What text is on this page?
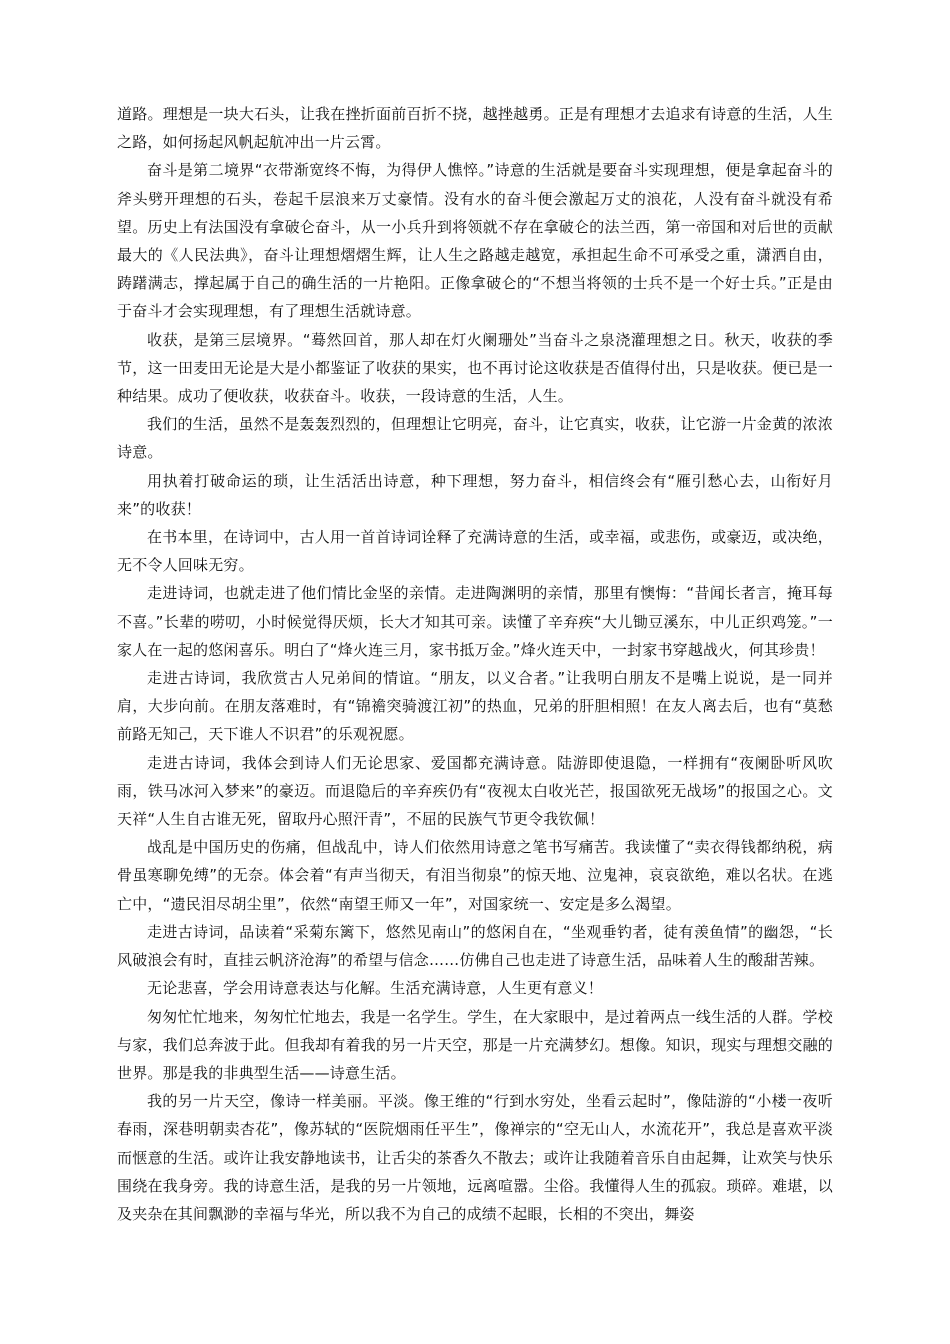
道路。理想是一块大石头，让我在挫折面前百折不挠，越挫越勇。正是有理想才去追求有诗意的生活，人生之路，如何扬起风帆起航冲出一片云霄。

奋斗是第二境界“衣带渐宽终不悔，为得伊人憔悴。”诗意的生活就是要奋斗实现理想，便是拿起奋斗的斧头劈开理想的石头，卷起千层浪来万丈豪情。没有水的奋斗便会激起万丈的浪花，人没有奋斗就没有希望。历史上有法国没有拿破仑奋斗，从一小兵升到将领就不存在拿破仑的法兰西，第一帝国和对后世的贡献最大的《人民法典》，奋斗让理想熠熠生辉，让人生之路越走越宽，承担起生命不可承受之重，潇洒自由，踌躇满志，撑起属于自己的确生活的一片艳阳。正像拿破仑的“不想当将领的士兵不是一个好士兵。”正是由于奋斗才会实现理想，有了理想生活就诗意。

收获，是第三层境界。“蓦然回首，那人却在灯火阑珊处”当奋斗之泉浇灌理想之日。秋天，收获的季节，这一田麦田无论是大是小都鉴证了收获的果实，也不再讨论这收获是否值得付出，只是收获。便已是一种结果。成功了便收获，收获奋斗。收获，一段诗意的生活，人生。

我们的生活，虽然不是轰轰烈烈的，但理想让它明亮，奋斗，让它真实，收获，让它游一片金黄的浓浓诗意。

用执着打破命运的琐，让生活活出诗意，种下理想，努力奋斗，相信终会有“雁引愁心去，山衔好月来”的收获！

在书本里，在诗词中，古人用一首首诗词诠释了充满诗意的生活，或幸福，或悲伤，或豪迈，或决绝，无不令人回味无穷。

走进诗词，也就走进了他们情比金坚的亲情。走进陶渊明的亲情，那里有懊悔：“昔闻长者言，掩耳每不喜。”长辈的唠叨，小时候觉得厌烦，长大才知其可亲。读懂了辛弃疾“大儿锄豆溪东，中儿正织鸡笼。”一家人在一起的悠闲喜乐。明白了“烽火连三月，家书抵万金。”烽火连天中，一封家书穿越战火，何其珍贵！

走进古诗词，我欣赏古人兄弟间的情谊。“朋友，以义合者。”让我明白朋友不是嘴上说说，是一同并肩，大步向前。在朋友落难时，有“锦襜突骑渡江初”的热血，兄弟的肝胆相照！在友人离去后，也有“莫愁前路无知己，天下谁人不识君”的乐观祝愿。

走进古诗词，我体会到诗人们无论思家、爱国都充满诗意。陆游即使退隐，一样拥有“夜阑卧听风吹雨，铁马冰河入梦来”的豪迈。而退隐后的辛弃疾仍有“夜视太白收光芒，报国欲死无战场”的报国之心。文天祥“人生自古谁无死，留取丹心照汗青”，不屈的民族气节更令我钦佩！

战乱是中国历史的伤痛，但战乱中，诗人们依然用诗意之笔书写痛苦。我读懂了“卖衣得钱都纳税，病骨虽寒聊免缚”的无奈。体会着“有声当彻天，有泪当彻泉”的惊天地、泣鬼神，哀哀欲绝，难以名状。在逃亡中，“遗民泪尽胡尘里”，依然“南望王师又一年”，对国家统一、安定是多么渴望。

走进古诗词，品读着“采菊东篱下，悠然见南山”的悠闲自在，“坐观垂钓者，徒有羡鱼情”的幽怨，“长风破浪会有时，直挂云帆济沧海”的希望与信念……仿佛自己也走进了诗意生活，品味着人生的酸甜苦辣。

无论悲喜，学会用诗意表达与化解。生活充满诗意，人生更有意义！

匆匆忙忙地来，匆匆忙忙地去，我是一名学生。学生，在大家眼中，是过着两点一线生活的人群。学校与家，我们总奔波于此。但我却有着我的另一片天空，那是一片充满梦幻。想像。知识，现实与理想交融的世界。那是我的非典型生活——诗意生活。

我的另一片天空，像诗一样美丽。平淡。像王维的“行到水穷处，坐看云起时”，像陆游的“小楼一夜听春雨，深巷明朝卖杏花”，像苏轼的“医院烟雨任平生”，像禅宗的“空无山人，水流花开”，我总是喜欢平淡而惬意的生活。或许让我安静地读书，让舌尖的茶香久不散去；或许让我随着音乐自由起舞，让欢笑与快乐围绕在我身旁。我的诗意生活，是我的另一片领地，远离喧嚣。尘俗。我懂得人生的孤寂。琐碎。难堪，以及夹杂在其间飘渺的幸福与华光，所以我不为自己的成绩不起眼，长相的不突出，舞姿
